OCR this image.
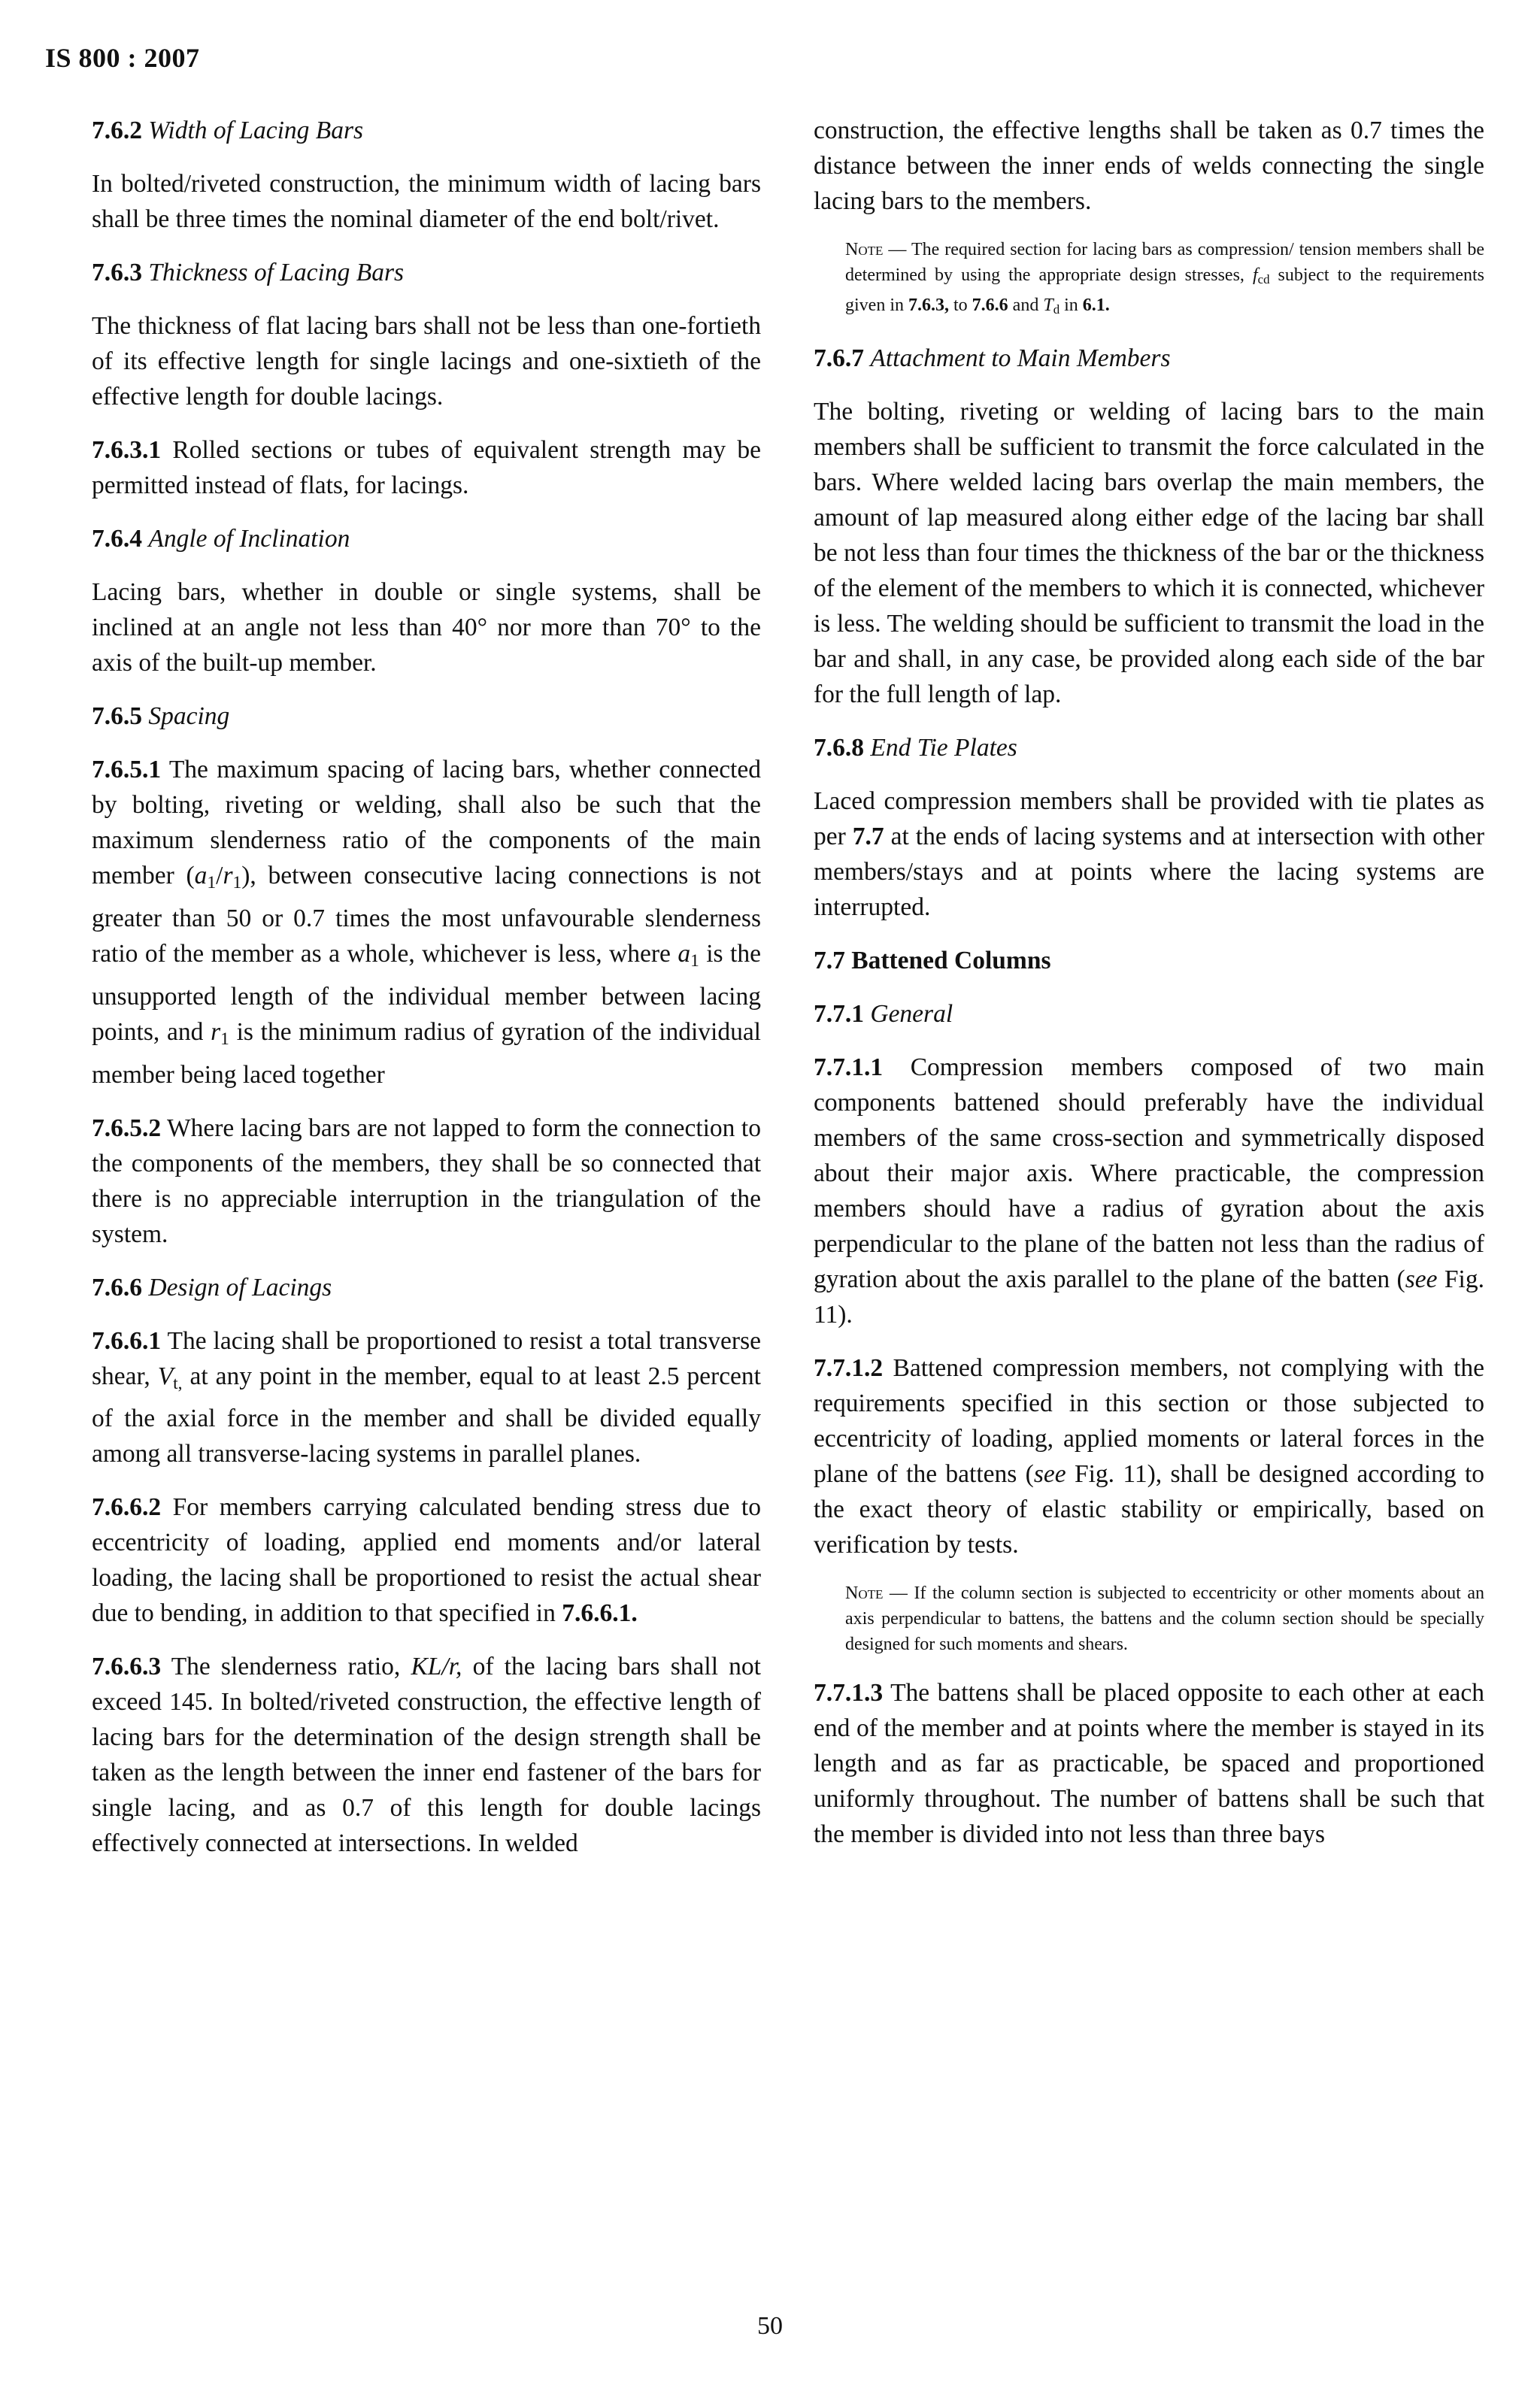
IS 800 : 2007

7.6.2 Width of Lacing Bars

In bolted/riveted construction, the minimum width of lacing bars shall be three times the nominal diameter of the end bolt/rivet.

7.6.3 Thickness of Lacing Bars

The thickness of flat lacing bars shall not be less than one-fortieth of its effective length for single lacings and one-sixtieth of the effective length for double lacings.

7.6.3.1 Rolled sections or tubes of equivalent strength may be permitted instead of flats, for lacings.

7.6.4 Angle of Inclination

Lacing bars, whether in double or single systems, shall be inclined at an angle not less than 40° nor more than 70° to the axis of the built-up member.

7.6.5 Spacing

7.6.5.1 The maximum spacing of lacing bars, whether connected by bolting, riveting or welding, shall also be such that the maximum slenderness ratio of the components of the main member $(a_1/r_1)$, between consecutive lacing connections is not greater than 50 or 0.7 times the most unfavourable slenderness ratio of the member as a whole, whichever is less, where $a_1$ is the unsupported length of the individual member between lacing points, and $r_1$ is the minimum radius of gyration of the individual member being laced together

7.6.5.2 Where lacing bars are not lapped to form the connection to the components of the members, they shall be so connected that there is no appreciable interruption in the triangulation of the system.

7.6.6 Design of Lacings

7.6.6.1 The lacing shall be proportioned to resist a total transverse shear, $V_{t,}$ at any point in the member, equal to at least 2.5 percent of the axial force in the member and shall be divided equally among all transverse-lacing systems in parallel planes.

7.6.6.2 For members carrying calculated bending stress due to eccentricity of loading, applied end moments and/or lateral loading, the lacing shall be proportioned to resist the actual shear due to bending, in addition to that specified in 7.6.6.1.

7.6.6.3 The slenderness ratio, KL/r, of the lacing bars shall not exceed 145. In bolted/riveted construction, the effective length of lacing bars for the determination of the design strength shall be taken as the length between the inner end fastener of the bars for single lacing, and as 0.7 of this length for double lacings effectively connected at intersections. In welded

construction, the effective lengths shall be taken as 0.7 times the distance between the inner ends of welds connecting the single lacing bars to the members.

Note — The required section for lacing bars as compression/ tension members shall be determined by using the appropriate design stresses, $f_{cd}$ subject to the requirements given in 7.6.3, to 7.6.6 and $T_d$ in 6.1.

7.6.7 Attachment to Main Members

The bolting, riveting or welding of lacing bars to the main members shall be sufficient to transmit the force calculated in the bars. Where welded lacing bars overlap the main members, the amount of lap measured along either edge of the lacing bar shall be not less than four times the thickness of the bar or the thickness of the element of the members to which it is connected, whichever is less. The welding should be sufficient to transmit the load in the bar and shall, in any case, be provided along each side of the bar for the full length of lap.

7.6.8 End Tie Plates

Laced compression members shall be provided with tie plates as per 7.7 at the ends of lacing systems and at intersection with other members/stays and at points where the lacing systems are interrupted.

7.7 Battened Columns

7.7.1 General

7.7.1.1 Compression members composed of two main components battened should preferably have the individual members of the same cross-section and symmetrically disposed about their major axis. Where practicable, the compression members should have a radius of gyration about the axis perpendicular to the plane of the batten not less than the radius of gyration about the axis parallel to the plane of the batten (see Fig. 11).

7.7.1.2 Battened compression members, not complying with the requirements specified in this section or those subjected to eccentricity of loading, applied moments or lateral forces in the plane of the battens (see Fig. 11), shall be designed according to the exact theory of elastic stability or empirically, based on verification by tests.

Note — If the column section is subjected to eccentricity or other moments about an axis perpendicular to battens, the battens and the column section should be specially designed for such moments and shears.

7.7.1.3 The battens shall be placed opposite to each other at each end of the member and at points where the member is stayed in its length and as far as practicable, be spaced and proportioned uniformly throughout. The number of battens shall be such that the member is divided into not less than three bays

50
